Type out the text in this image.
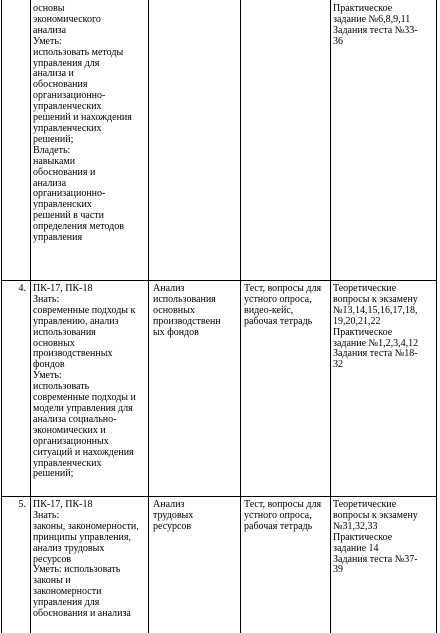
основы
экономического
анализа
Уметь:
использовать методы
управления для
анализа и
обоснования
организационно-
управленческих
решений и нахождения
управленческих
решений;
Владеть:
навыками
обоснования и
анализа
организационно-
управленских
решений в части
определения методов
управления
Практическое
задание №6,8,9,11
Задания теста №33-
36
4. ПК-17, ПК-18
Знать:
современные подходы к
управлению, анализ
использования
основных
производственных
фондов
Уметь:
использовать
современные подходы и
модели управления для
анализа социально-
экономических и
организационных
ситуаций и нахождения
управленческих
решений;
Анализ
использования
основных
производственн
ых фондов
Тест, вопросы для
устного опроса,
видео-кейс,
рабочая тетрадь
Теоретические
вопросы к экзамену
№13,14,15,16,17,18,
19,20,21,22
Практическое
задание №1,2,3,4,12
Задания теста №18-
32
5. ПК-17, ПК-18
Знать:
законы, закономерности,
принципы управления,
анализ трудовых
ресурсов
Уметь: использовать
законы и
закономерности
управления для
обоснования и анализа
Анализ
трудовых
ресурсов
Тест, вопросы для
устного опроса,
рабочая тетрадь
Теоретические
вопросы к экзамену
№31,32,33
Практическое
задание 14
Задания теста №37-
39
